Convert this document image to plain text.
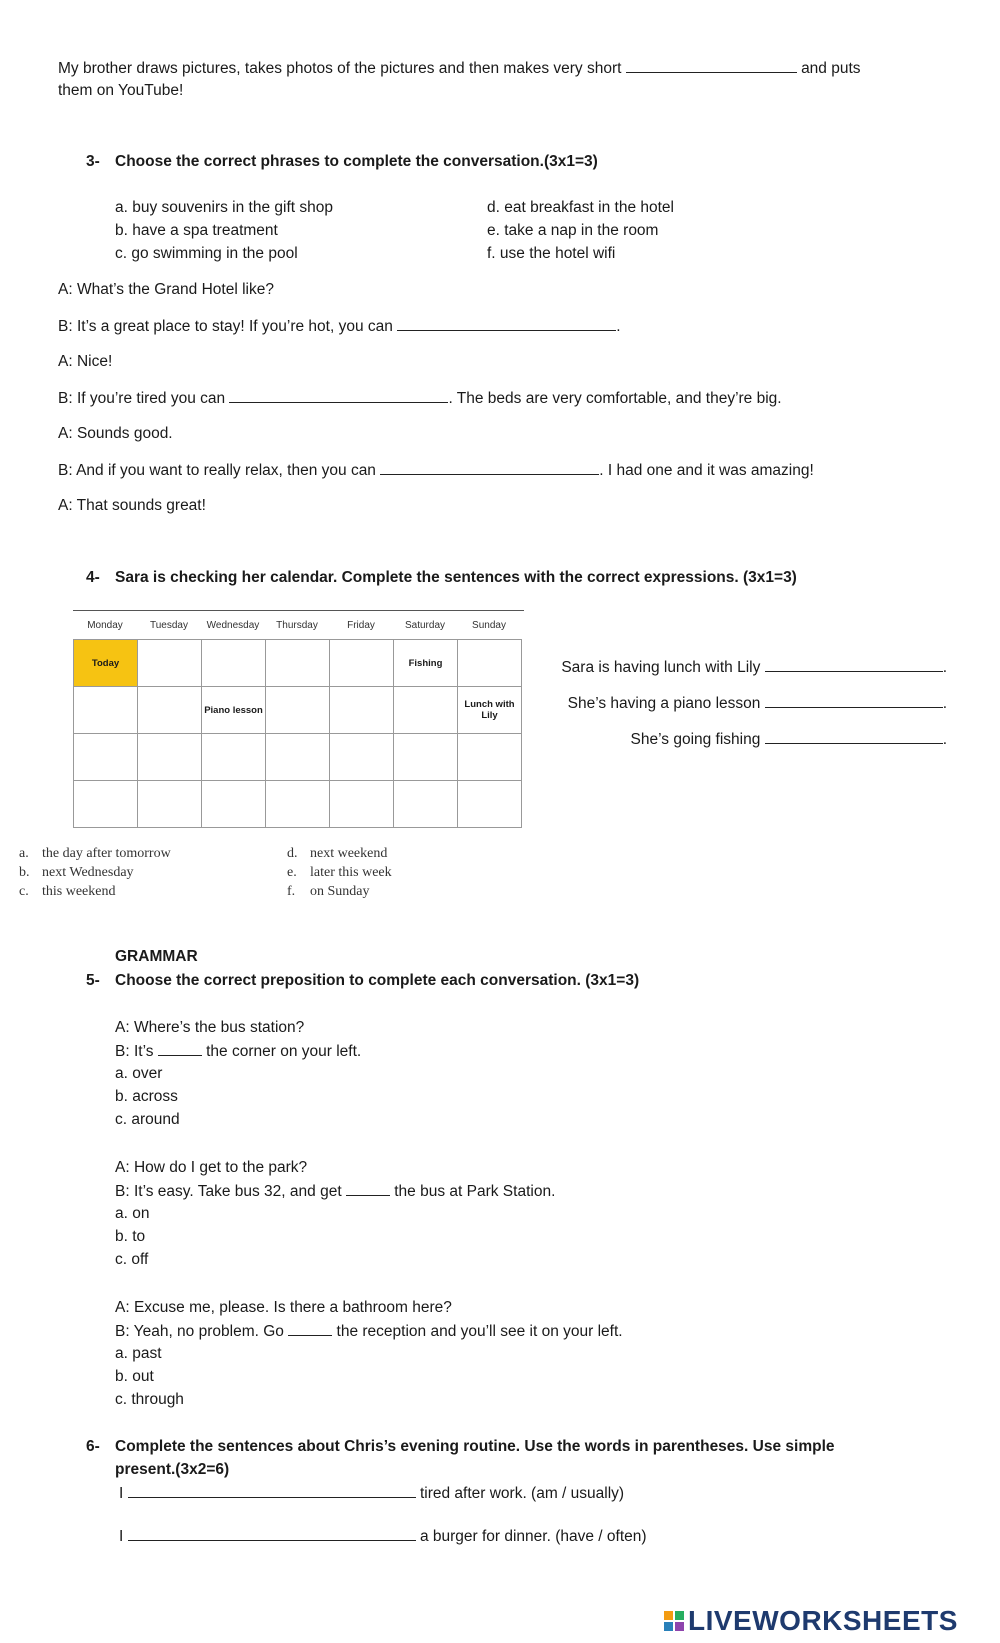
My brother draws pictures, takes photos of the pictures and then makes very short	and puts
them on YouTube!
3- Choose the correct phrases to complete the conversation.(3x1=3)
a. buy souvenirs in the gift shop
b. have a spa treatment
c. go swimming in the pool
d. eat breakfast in the hotel
e. take a nap in the room
f. use the hotel wifi
A: What’s the Grand Hotel like?
B: It’s a great place to stay! If you’re hot, you can	.
A: Nice!
B: If you’re tired you can	. The beds are very comfortable, and they’re big.
A: Sounds good.
B: And if you want to really relax, then you can	. I had one and it was amazing!
A: That sounds great!
4- Sara is checking her calendar. Complete the sentences with the correct expressions. (3x1=3)
Monday	Tuesday	Wednesday	Thursday	Friday	Saturday	Sunday
Today					Fishing	
		Piano lesson				Lunch with Lily

Sara is having lunch with Lily	.
She’s having a piano lesson	.
She’s going fishing	.
a. the day after tomorrow
b. next Wednesday
c. this weekend
d. next weekend
e. later this week
f. on Sunday
GRAMMAR
5- Choose the correct preposition to complete each conversation. (3x1=3)
A: Where’s the bus station?
B: It’s	the corner on your left.
a. over
b. across
c. around
A: How do I get to the park?
B: It’s easy. Take bus 32, and get	the bus at Park Station.
a. on
b. to
c. off
A: Excuse me, please. Is there a bathroom here?
B: Yeah, no problem. Go	the reception and you’ll see it on your left.
a. past
b. out
c. through
6- Complete the sentences about Chris’s evening routine. Use the words in parentheses. Use simple
present.(3x2=6)
I	tired after work. (am / usually)
I	a burger for dinner. (have / often)
LIVEWORKSHEETS
